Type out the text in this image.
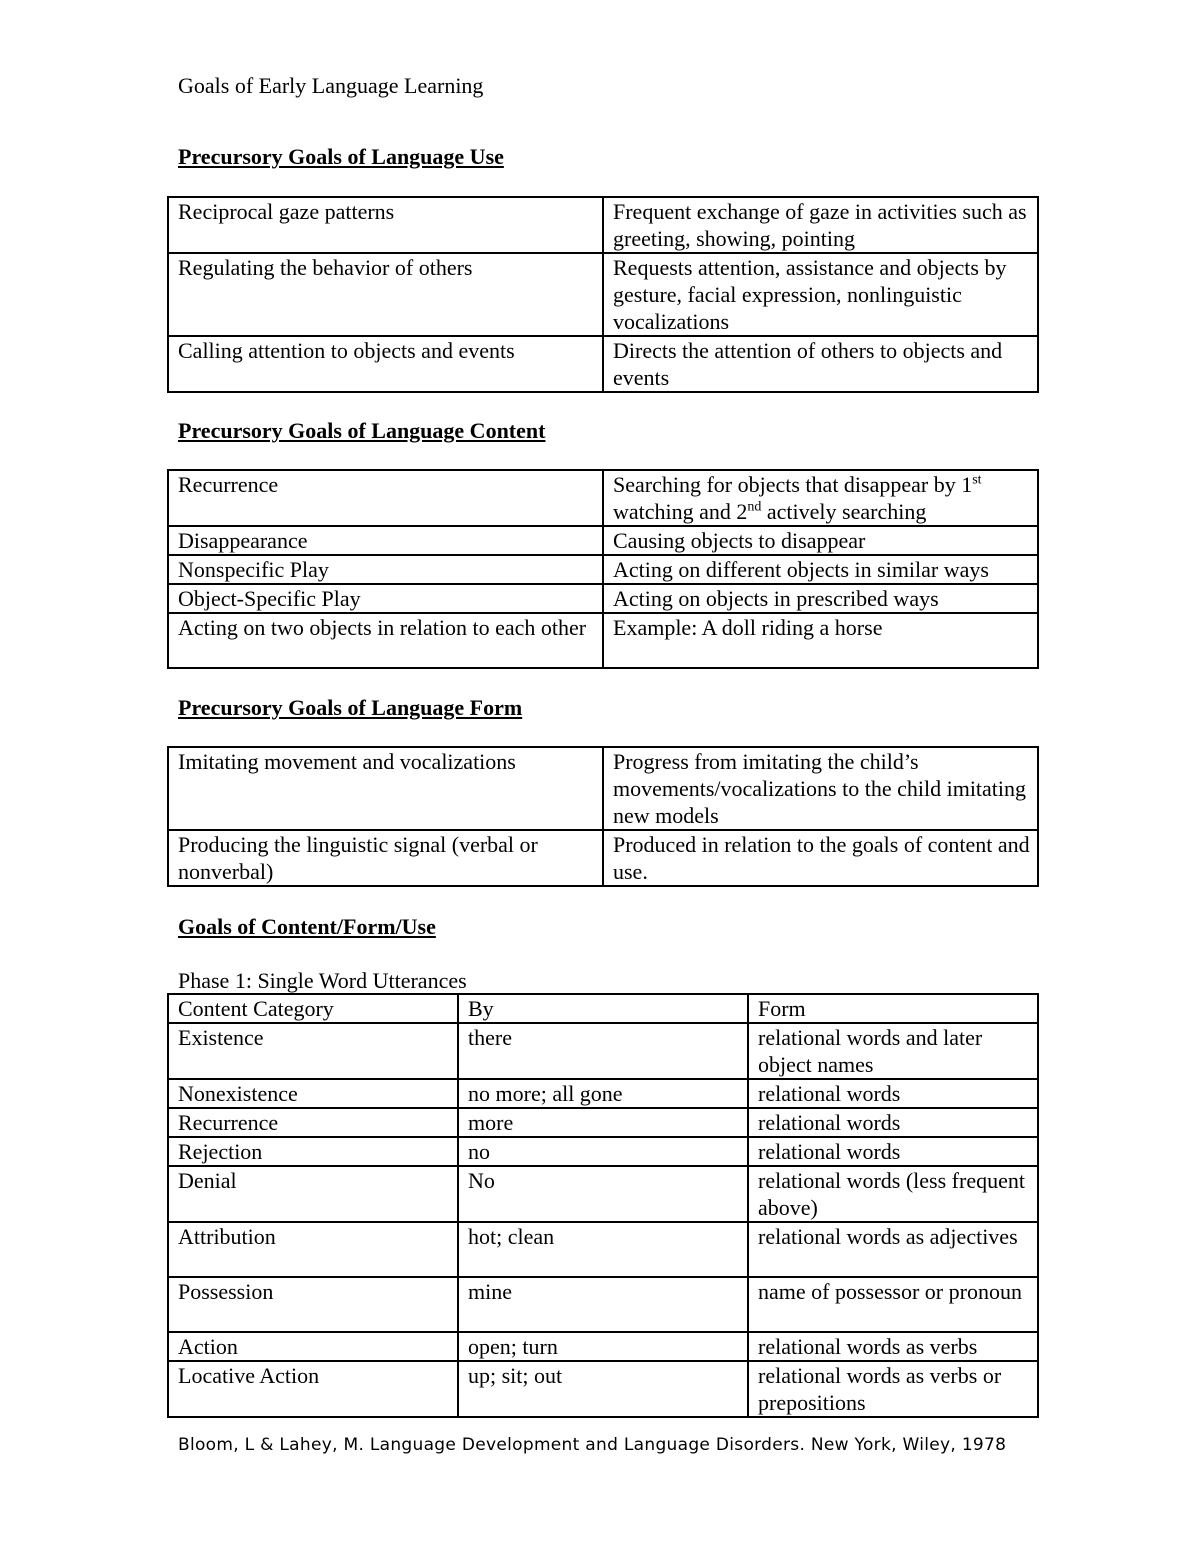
Goals of Early Language Learning
Precursory Goals of Language Use
Reciprocal gaze patterns	Frequent exchange of gaze in activities such as greeting, showing, pointing
Regulating the behavior of others	Requests attention, assistance and objects by gesture, facial expression, nonlinguistic vocalizations
Calling attention to objects and events	Directs the attention of others to objects and events
Precursory Goals of Language Content
Recurrence	Searching for objects that disappear by 1st watching and 2nd actively searching
Disappearance	Causing objects to disappear
Nonspecific Play	Acting on different objects in similar ways
Object-Specific Play	Acting on objects in prescribed ways
Acting on two objects in relation to each other	Example: A doll riding a horse
Precursory Goals of Language Form
Imitating movement and vocalizations	Progress from imitating the child’s movements/vocalizations to the child imitating new models
Producing the linguistic signal (verbal or nonverbal)	Produced in relation to the goals of content and use.
Goals of Content/Form/Use
Phase 1: Single Word Utterances
Content Category	By	Form
Existence	there	relational words and later object names
Nonexistence	no more; all gone	relational words
Recurrence	more	relational words
Rejection	no	relational words
Denial	No	relational words (less frequent above)
Attribution	hot; clean	relational words as adjectives
Possession	mine	name of possessor or pronoun
Action	open; turn	relational words as verbs
Locative Action	up; sit; out	relational words as verbs or prepositions
Bloom, L & Lahey, M. Language Development and Language Disorders. New York, Wiley, 1978
